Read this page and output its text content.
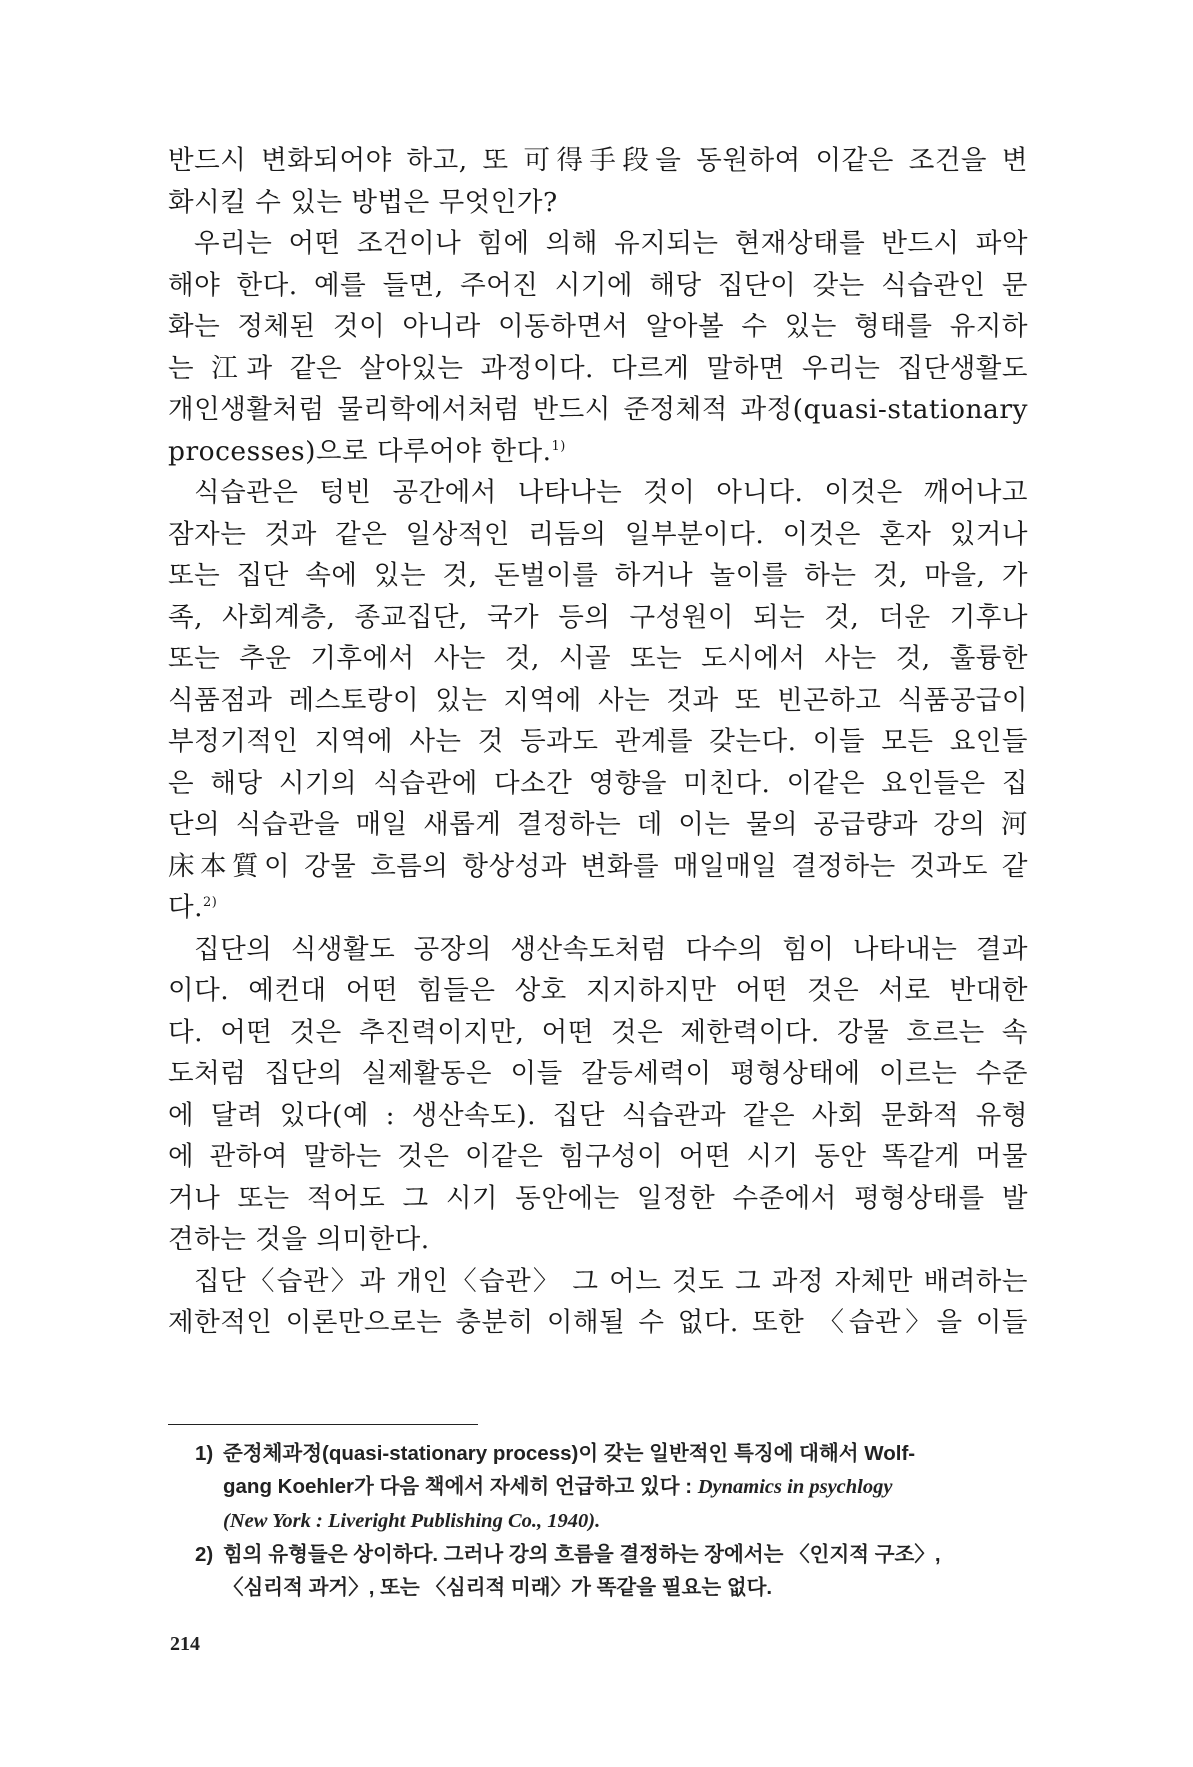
반드시 변화되어야 하고, 또 可得手段을 동원하여 이같은 조건을 변
화시킬 수 있는 방법은 무엇인가?
우리는 어떤 조건이나 힘에 의해 유지되는 현재상태를 반드시 파악
해야 한다. 예를 들면, 주어진 시기에 해당 집단이 갖는 식습관인 문
화는 정체된 것이 아니라 이동하면서 알아볼 수 있는 형태를 유지하
는 江과 같은 살아있는 과정이다. 다르게 말하면 우리는 집단생활도
개인생활처럼 물리학에서처럼 반드시 준정체적 과정(quasi-stationary
processes)으로 다루어야 한다.$^{1)}$
식습관은 텅빈 공간에서 나타나는 것이 아니다. 이것은 깨어나고
잠자는 것과 같은 일상적인 리듬의 일부분이다. 이것은 혼자 있거나
또는 집단 속에 있는 것, 돈벌이를 하거나 놀이를 하는 것, 마을, 가
족, 사회계층, 종교집단, 국가 등의 구성원이 되는 것, 더운 기후나
또는 추운 기후에서 사는 것, 시골 또는 도시에서 사는 것, 훌륭한
식품점과 레스토랑이 있는 지역에 사는 것과 또 빈곤하고 식품공급이
부정기적인 지역에 사는 것 등과도 관계를 갖는다. 이들 모든 요인들
은 해당 시기의 식습관에 다소간 영향을 미친다. 이같은 요인들은 집
단의 식습관을 매일 새롭게 결정하는 데 이는 물의 공급량과 강의 河
床本質이 강물 흐름의 항상성과 변화를 매일매일 결정하는 것과도 같
다.$^{2)}$
집단의 식생활도 공장의 생산속도처럼 다수의 힘이 나타내는 결과
이다. 예컨대 어떤 힘들은 상호 지지하지만 어떤 것은 서로 반대한
다. 어떤 것은 추진력이지만, 어떤 것은 제한력이다. 강물 흐르는 속
도처럼 집단의 실제활동은 이들 갈등세력이 평형상태에 이르는 수준
에 달려 있다(예 : 생산속도). 집단 식습관과 같은 사회 문화적 유형
에 관하여 말하는 것은 이같은 힘구성이 어떤 시기 동안 똑같게 머물
거나 또는 적어도 그 시기 동안에는 일정한 수준에서 평형상태를 발
견하는 것을 의미한다.
집단〈습관〉과 개인〈습관〉 그 어느 것도 그 과정 자체만 배려하는
제한적인 이론만으로는 충분히 이해될 수 없다. 또한 〈습관〉을 이들
1) 준정체과정(quasi-stationary process)이 갖는 일반적인 특징에 대해서 Wolf-
gang Koehler가 다음 책에서 자세히 언급하고 있다 : Dynamics in psychlogy
(New York : Liveright Publishing Co., 1940).
2) 힘의 유형들은 상이하다. 그러나 강의 흐름을 결정하는 장에서는 〈인지적 구조〉,
〈심리적 과거〉, 또는 〈심리적 미래〉가 똑같을 필요는 없다.
214
